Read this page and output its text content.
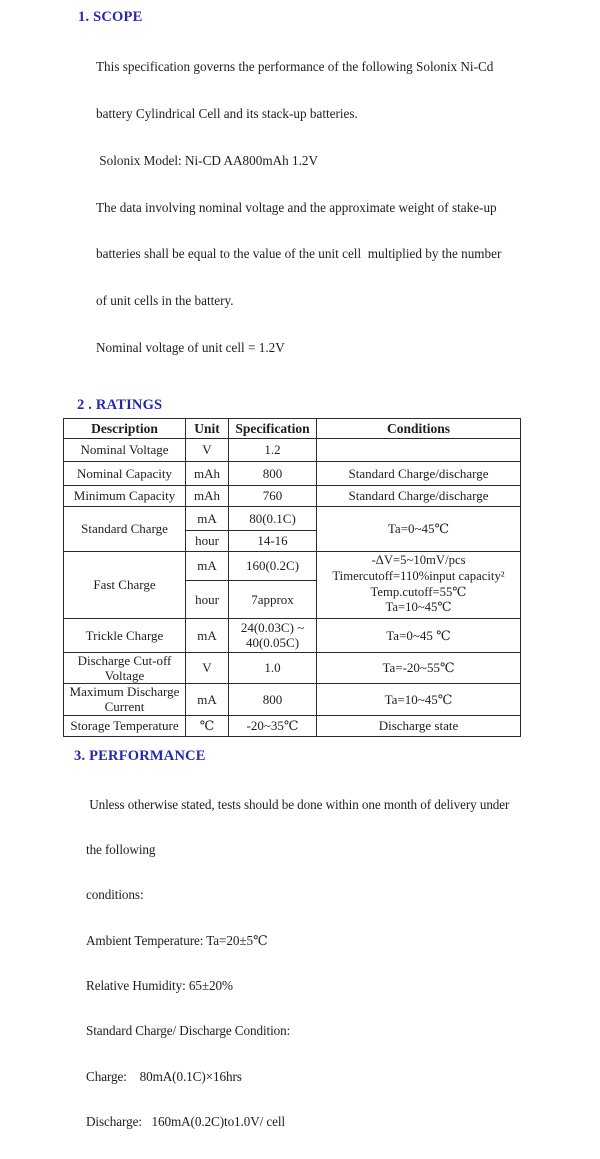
1. SCOPE

This specification governs the performance of the following Solonix Ni-Cd

battery Cylindrical Cell and its stack-up batteries.

Solonix Model: Ni-CD AA800mAh 1.2V

The data involving nominal voltage and the approximate weight of stake-up

batteries shall be equal to the value of the unit cell  multiplied by the number

of unit cells in the battery.

Nominal voltage of unit cell = 1.2V

2 . RATINGS
Description	Unit	Specification	Conditions
Nominal Voltage	V	1.2	
Nominal Capacity	mAh	800	Standard Charge/discharge
Minimum Capacity	mAh	760	Standard Charge/discharge
Standard Charge	mA	80(0.1C)	Ta=0~45℃
	hour	14-16	
Fast Charge	mA	160(0.2C)	-ΔV=5~10mV/pcs
Timercutoff=110%input capacity²
Temp.cutoff=55℃
Ta=10~45℃

	hour	7approx	
Trickle Charge	mA	24(0.03C) ~
40(0.05C)	Ta=0~45 ℃
Discharge Cut-off Voltage	V	1.0	Ta=-20~55℃
Maximum Discharge Current	mA	800	Ta=10~45℃
Storage Temperature	℃	-20~35℃	Discharge state
3. PERFORMANCE

Unless otherwise stated, tests should be done within one month of delivery under

the following

conditions:

Ambient Temperature: Ta=20±5℃

Relative Humidity: 65±20%

Standard Charge/ Discharge Condition:

Charge:    80mA(0.1C)×16hrs

Discharge:   160mA(0.2C)to1.0V/ cell
